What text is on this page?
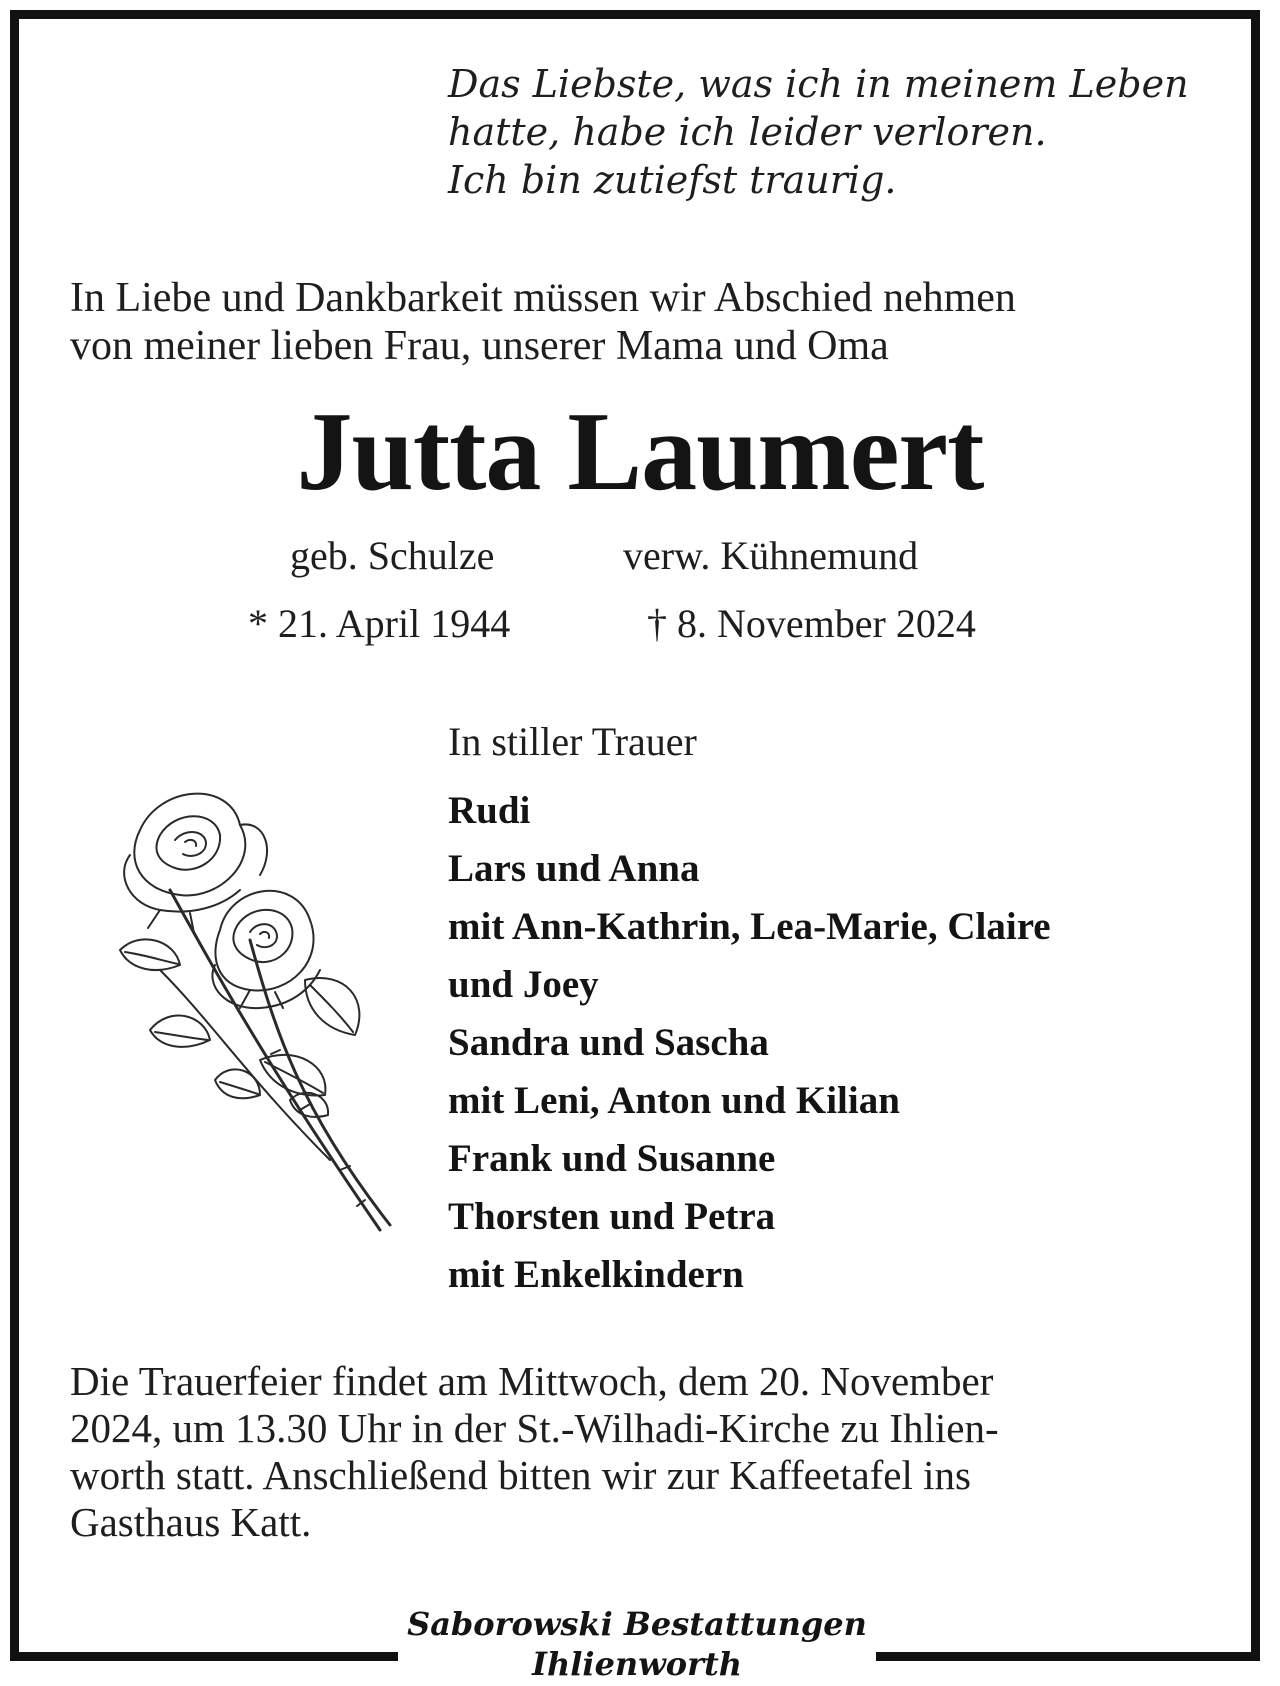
Das Liebste, was ich in meinem Leben
hatte, habe ich leider verloren.
Ich bin zutiefst traurig.
In Liebe und Dankbarkeit müssen wir Abschied nehmen
von meiner lieben Frau, unserer Mama und Oma
Jutta Laumert
geb. Schulze	verw. Kühnemund
* 21. April 1944	† 8. November 2024
In stiller Trauer
Rudi
Lars und Anna
mit Ann-Kathrin, Lea-Marie, Claire
und Joey
Sandra und Sascha
mit Leni, Anton und Kilian
Frank und Susanne
Thorsten und Petra
mit Enkelkindern
Die Trauerfeier findet am Mittwoch, dem 20. November
2024, um 13.30 Uhr in der St.-Wilhadi-Kirche zu Ihlien-
worth statt. Anschließend bitten wir zur Kaffeetafel ins
Gasthaus Katt.
Saborowski Bestattungen
Ihlienworth
